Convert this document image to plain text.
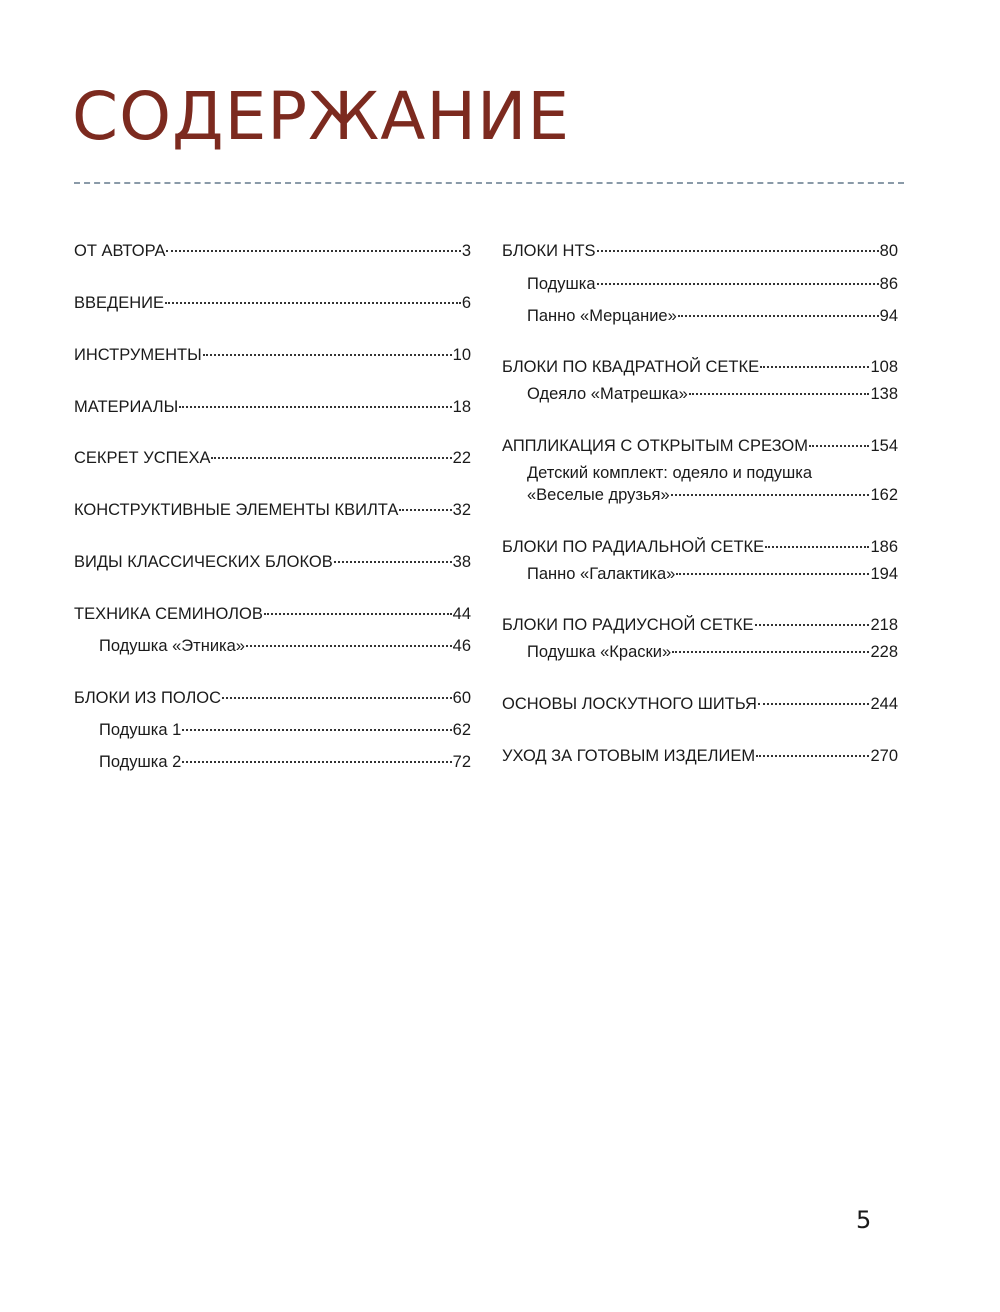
СОДЕРЖАНИЕ
ОТ АВТОРА	3
ВВЕДЕНИЕ	6
ИНСТРУМЕНТЫ	10
МАТЕРИАЛЫ	18
СЕКРЕТ УСПЕХА	22
КОНСТРУКТИВНЫЕ ЭЛЕМЕНТЫ КВИЛТА	32
ВИДЫ КЛАССИЧЕСКИХ БЛОКОВ	38
ТЕХНИКА СЕМИНОЛОВ	44
Подушка «Этника»	46
БЛОКИ ИЗ ПОЛОС	60
Подушка 1	62
Подушка 2	72
БЛОКИ HTS	80
Подушка	86
Панно «Мерцание»	94
БЛОКИ ПО КВАДРАТНОЙ СЕТКЕ	108
Одеяло «Матрешка»	138
АППЛИКАЦИЯ С ОТКРЫТЫМ СРЕЗОМ	154
Детский комплект: одеяло и подушка
«Веселые друзья»	162
БЛОКИ ПО РАДИАЛЬНОЙ СЕТКЕ	186
Панно «Галактика»	194
БЛОКИ ПО РАДИУСНОЙ СЕТКЕ	218
Подушка «Краски»	228
ОСНОВЫ ЛОСКУТНОГО ШИТЬЯ	244
УХОД ЗА ГОТОВЫМ ИЗДЕЛИЕМ	270
5
